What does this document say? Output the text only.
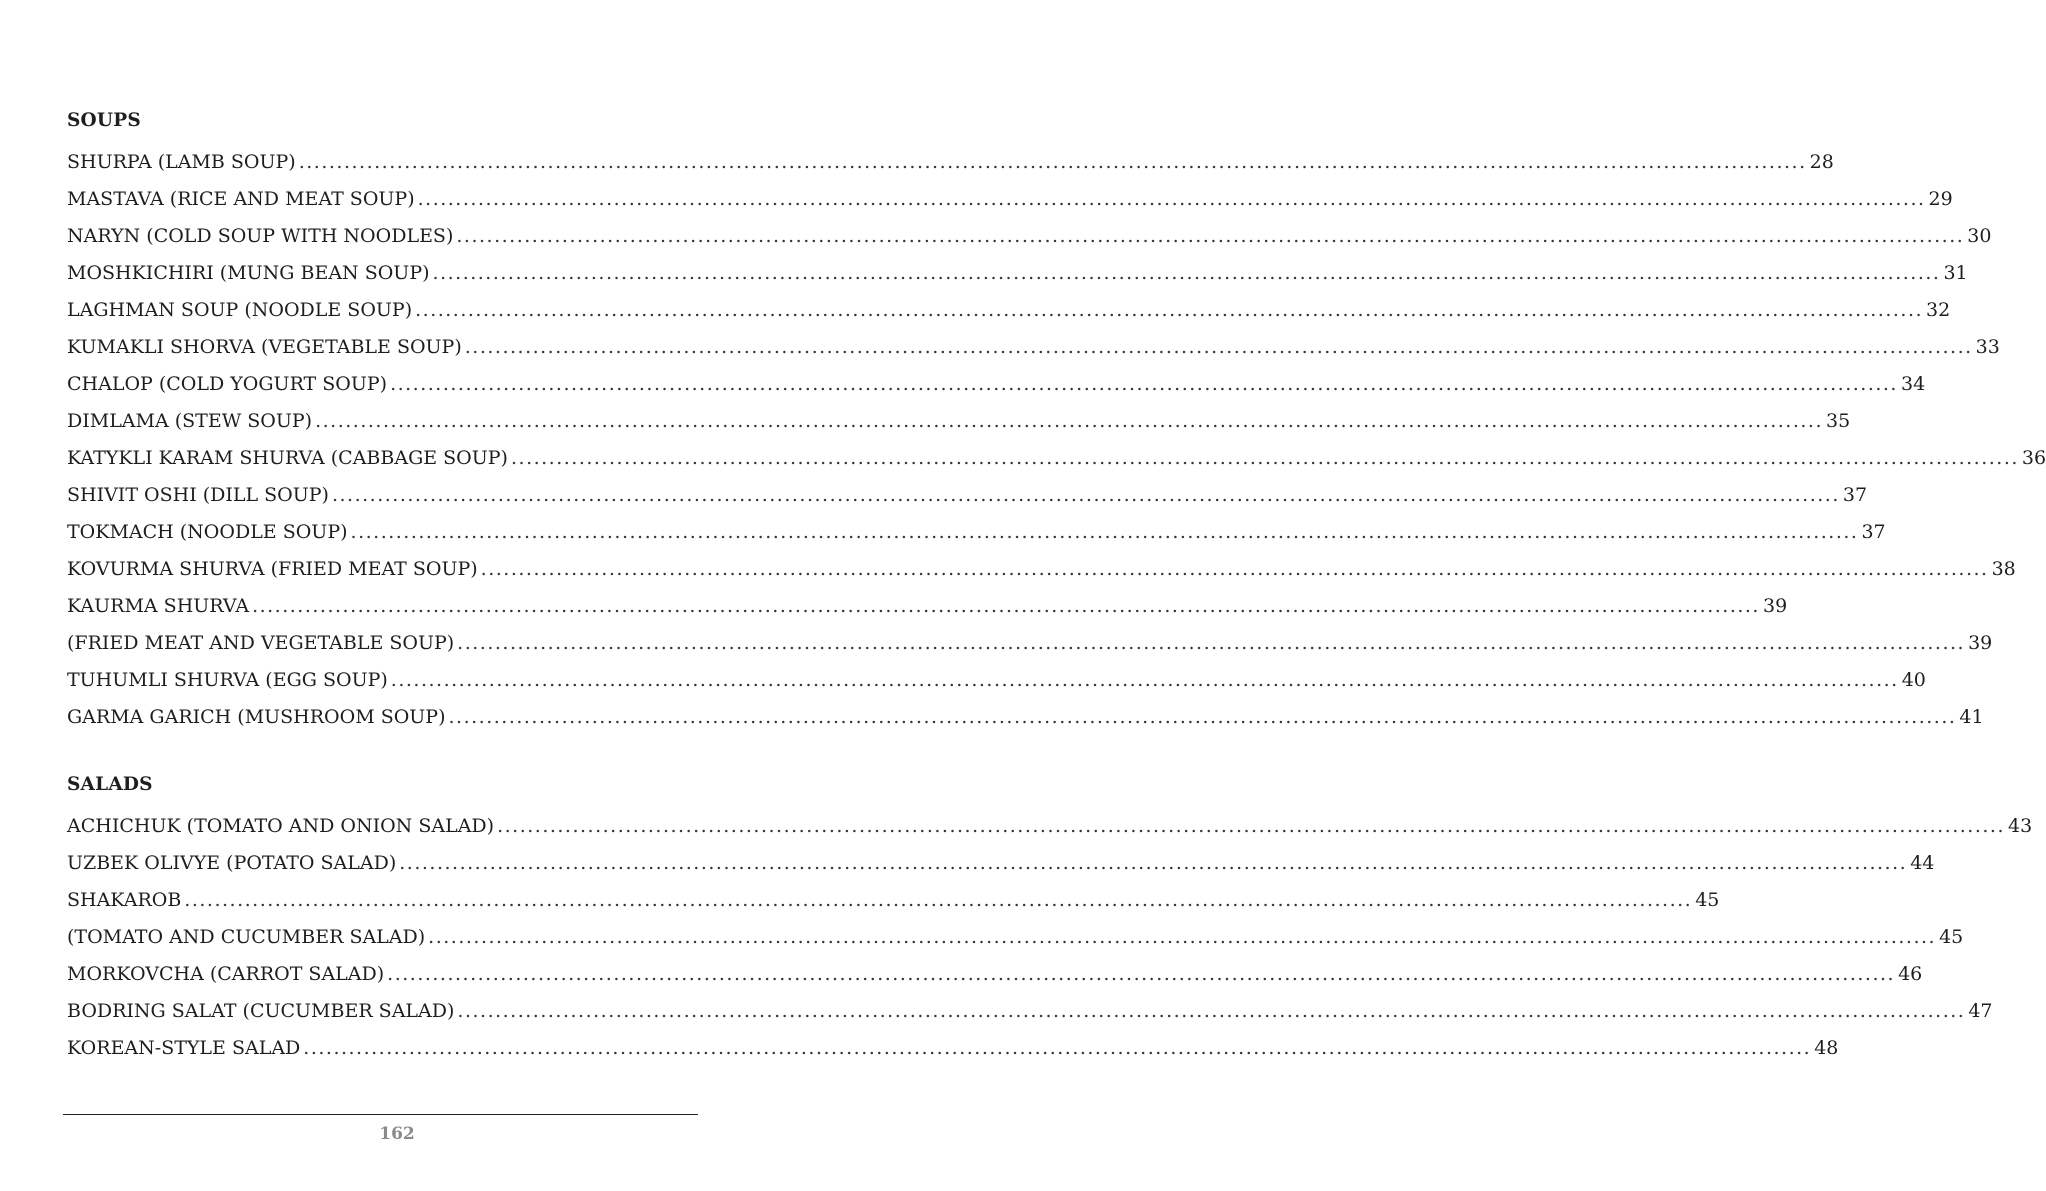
SOUPS
SHURPA (LAMB SOUP) ........................................................................................................................................................................................................ 28
MASTAVA (RICE AND MEAT SOUP) ........................................................................................................................................................................................................ 29
NARYN (COLD SOUP WITH NOODLES) ........................................................................................................................................................................................................ 30
MOSHKICHIRI (MUNG BEAN SOUP) ........................................................................................................................................................................................................ 31
LAGHMAN SOUP (NOODLE SOUP) ........................................................................................................................................................................................................ 32
KUMAKLI SHORVA (VEGETABLE SOUP) ........................................................................................................................................................................................................ 33
CHALOP (COLD YOGURT SOUP) ........................................................................................................................................................................................................ 34
DIMLAMA (STEW SOUP) ........................................................................................................................................................................................................ 35
KATYKLI KARAM SHURVA (CABBAGE SOUP) ........................................................................................................................................................................................................ 36
SHIVIT OSHI (DILL SOUP) ........................................................................................................................................................................................................ 37
TOKMACH (NOODLE SOUP) ........................................................................................................................................................................................................ 37
KOVURMA SHURVA (FRIED MEAT SOUP) ........................................................................................................................................................................................................ 38
KAURMA SHURVA ........................................................................................................................................................................................................ 39
(FRIED MEAT AND VEGETABLE SOUP) ........................................................................................................................................................................................................ 39
TUHUMLI SHURVA (EGG SOUP) ........................................................................................................................................................................................................ 40
GARMA GARICH (MUSHROOM SOUP) ........................................................................................................................................................................................................ 41
SALADS
ACHICHUK (TOMATO AND ONION SALAD) ........................................................................................................................................................................................................ 43
UZBEK OLIVYE (POTATO SALAD) ........................................................................................................................................................................................................ 44
SHAKAROB ........................................................................................................................................................................................................ 45
(TOMATO AND CUCUMBER SALAD) ........................................................................................................................................................................................................ 45
MORKOVCHA (CARROT SALAD) ........................................................................................................................................................................................................ 46
BODRING SALAT (CUCUMBER SALAD) ........................................................................................................................................................................................................ 47
KOREAN-STYLE SALAD ........................................................................................................................................................................................................ 48
162
